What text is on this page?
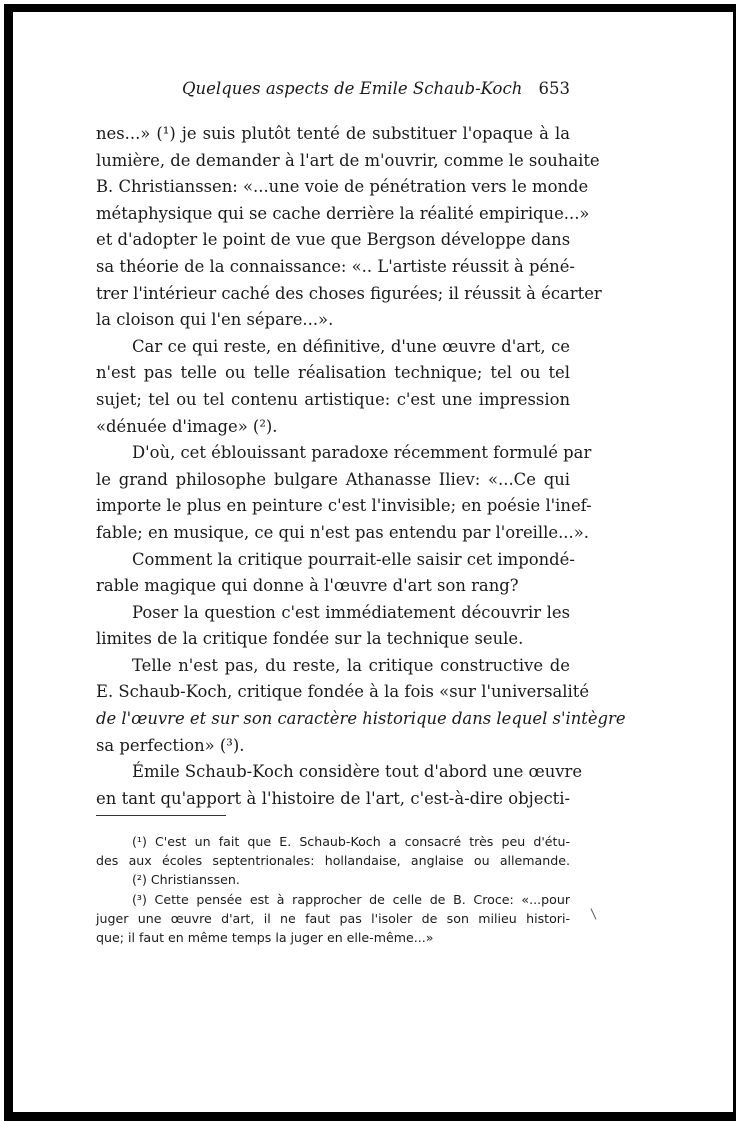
Quelques aspects de Emile Schaub-Koch 653

nes...» (¹) je suis plutôt tenté de substituer l'opaque à la
lumière, de demander à l'art de m'ouvrir, comme le souhaite
B. Christianssen: «...une voie de pénétration vers le monde
métaphysique qui se cache derrière la réalité empirique...»
et d'adopter le point de vue que Bergson développe dans
sa théorie de la connaissance: «.. L'artiste réussit à péné-
trer l'intérieur caché des choses figurées; il réussit à écarter
la cloison qui l'en sépare...».

Car ce qui reste, en définitive, d'une œuvre d'art, ce
n'est pas telle ou telle réalisation technique; tel ou tel
sujet; tel ou tel contenu artistique: c'est une impression
«dénuée d'image» (²).

D'où, cet éblouissant paradoxe récemment formulé par
le grand philosophe bulgare Athanasse Iliev: «...Ce qui
importe le plus en peinture c'est l'invisible; en poésie l'inef-
fable; en musique, ce qui n'est pas entendu par l'oreille...».

Comment la critique pourrait-elle saisir cet impondé-
rable magique qui donne à l'œuvre d'art son rang?

Poser la question c'est immédiatement découvrir les
limites de la critique fondée sur la technique seule.

Telle n'est pas, du reste, la critique constructive de
E. Schaub-Koch, critique fondée à la fois «sur l'universalité
de l'œuvre et sur son caractère historique dans lequel s'intègre
sa perfection» (³).

Émile Schaub-Koch considère tout d'abord une œuvre
en tant qu'apport à l'histoire de l'art, c'est-à-dire objecti-

(¹) C'est un fait que E. Schaub-Koch a consacré très peu d'étu-
des aux écoles septentrionales: hollandaise, anglaise ou allemande.
(²) Christianssen.
(³) Cette pensée est à rapprocher de celle de B. Croce: «...pour
juger une œuvre d'art, il ne faut pas l'isoler de son milieu histori-
que; il faut en même temps la juger en elle-même...»
